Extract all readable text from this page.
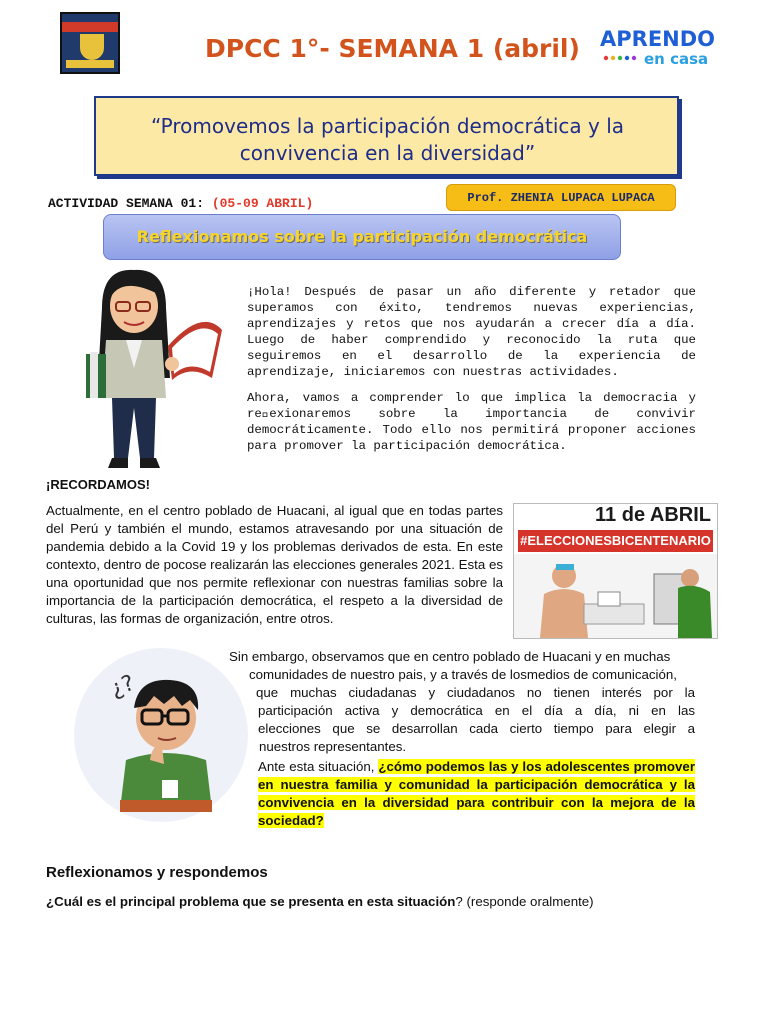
DPCC 1°- SEMANA 1 (abril) APRENDO
en casa
“Promovemos la participación democrática y la
convivencia en la diversidad”
ACTIVIDAD SEMANA 01: (05-09 ABRIL)	Prof. ZHENIA LUPACA LUPACA
Reflexionamos sobre la participación democrática
¡Hola! Después de pasar un año diferente y retador que superamos con éxito, tendremos nuevas experiencias, aprendizajes y retos que nos ayudarán a crecer día a día. Luego de haber comprendido y reconocido la ruta que seguiremos en el desarrollo de la experiencia de aprendizaje, iniciaremos con nuestras actividades.
Ahora, vamos a comprender lo que implica la democracia y re exionaremos sobre la importancia de convivir democráticamente. Todo ello nos permitirá proponer acciones para promover la participación democrática.
¡RECORDAMOS!
Actualmente, en el centro poblado de Huacani, al igual que en todas partes del Perú y también el mundo, estamos atravesando por una situación de pandemia debido a la Covid 19 y los problemas derivados de esta. En este contexto, dentro de pocose realizarán las elecciones generales 2021. Esta es una oportunidad que nos permite reflexionar con nuestras familias sobre la importancia de la participación democrática, el respeto a la diversidad de culturas, las formas de organización, entre otros.
11 de ABRIL
#ELECCIONESBICENTENARIO
¿?
Sin embargo, observamos que en centro poblado de Huacani y en muchas
comunidades de nuestro pais, y a través de losmedios de comunicación,
que muchas ciudadanas y ciudadanos no tienen interés por la
participación activa y democrática en el día a día, ni en las
elecciones que se desarrollan cada cierto tiempo para elegir a
nuestros representantes.
Ante esta situación, ¿cómo podemos las y los adolescentes promover en nuestra familia y comunidad la participación democrática y la convivencia en la diversidad para contribuir con la mejora de la sociedad?
Reflexionamos y respondemos
¿Cuál es el principal problema que se presenta en esta situación? (responde oralmente)
